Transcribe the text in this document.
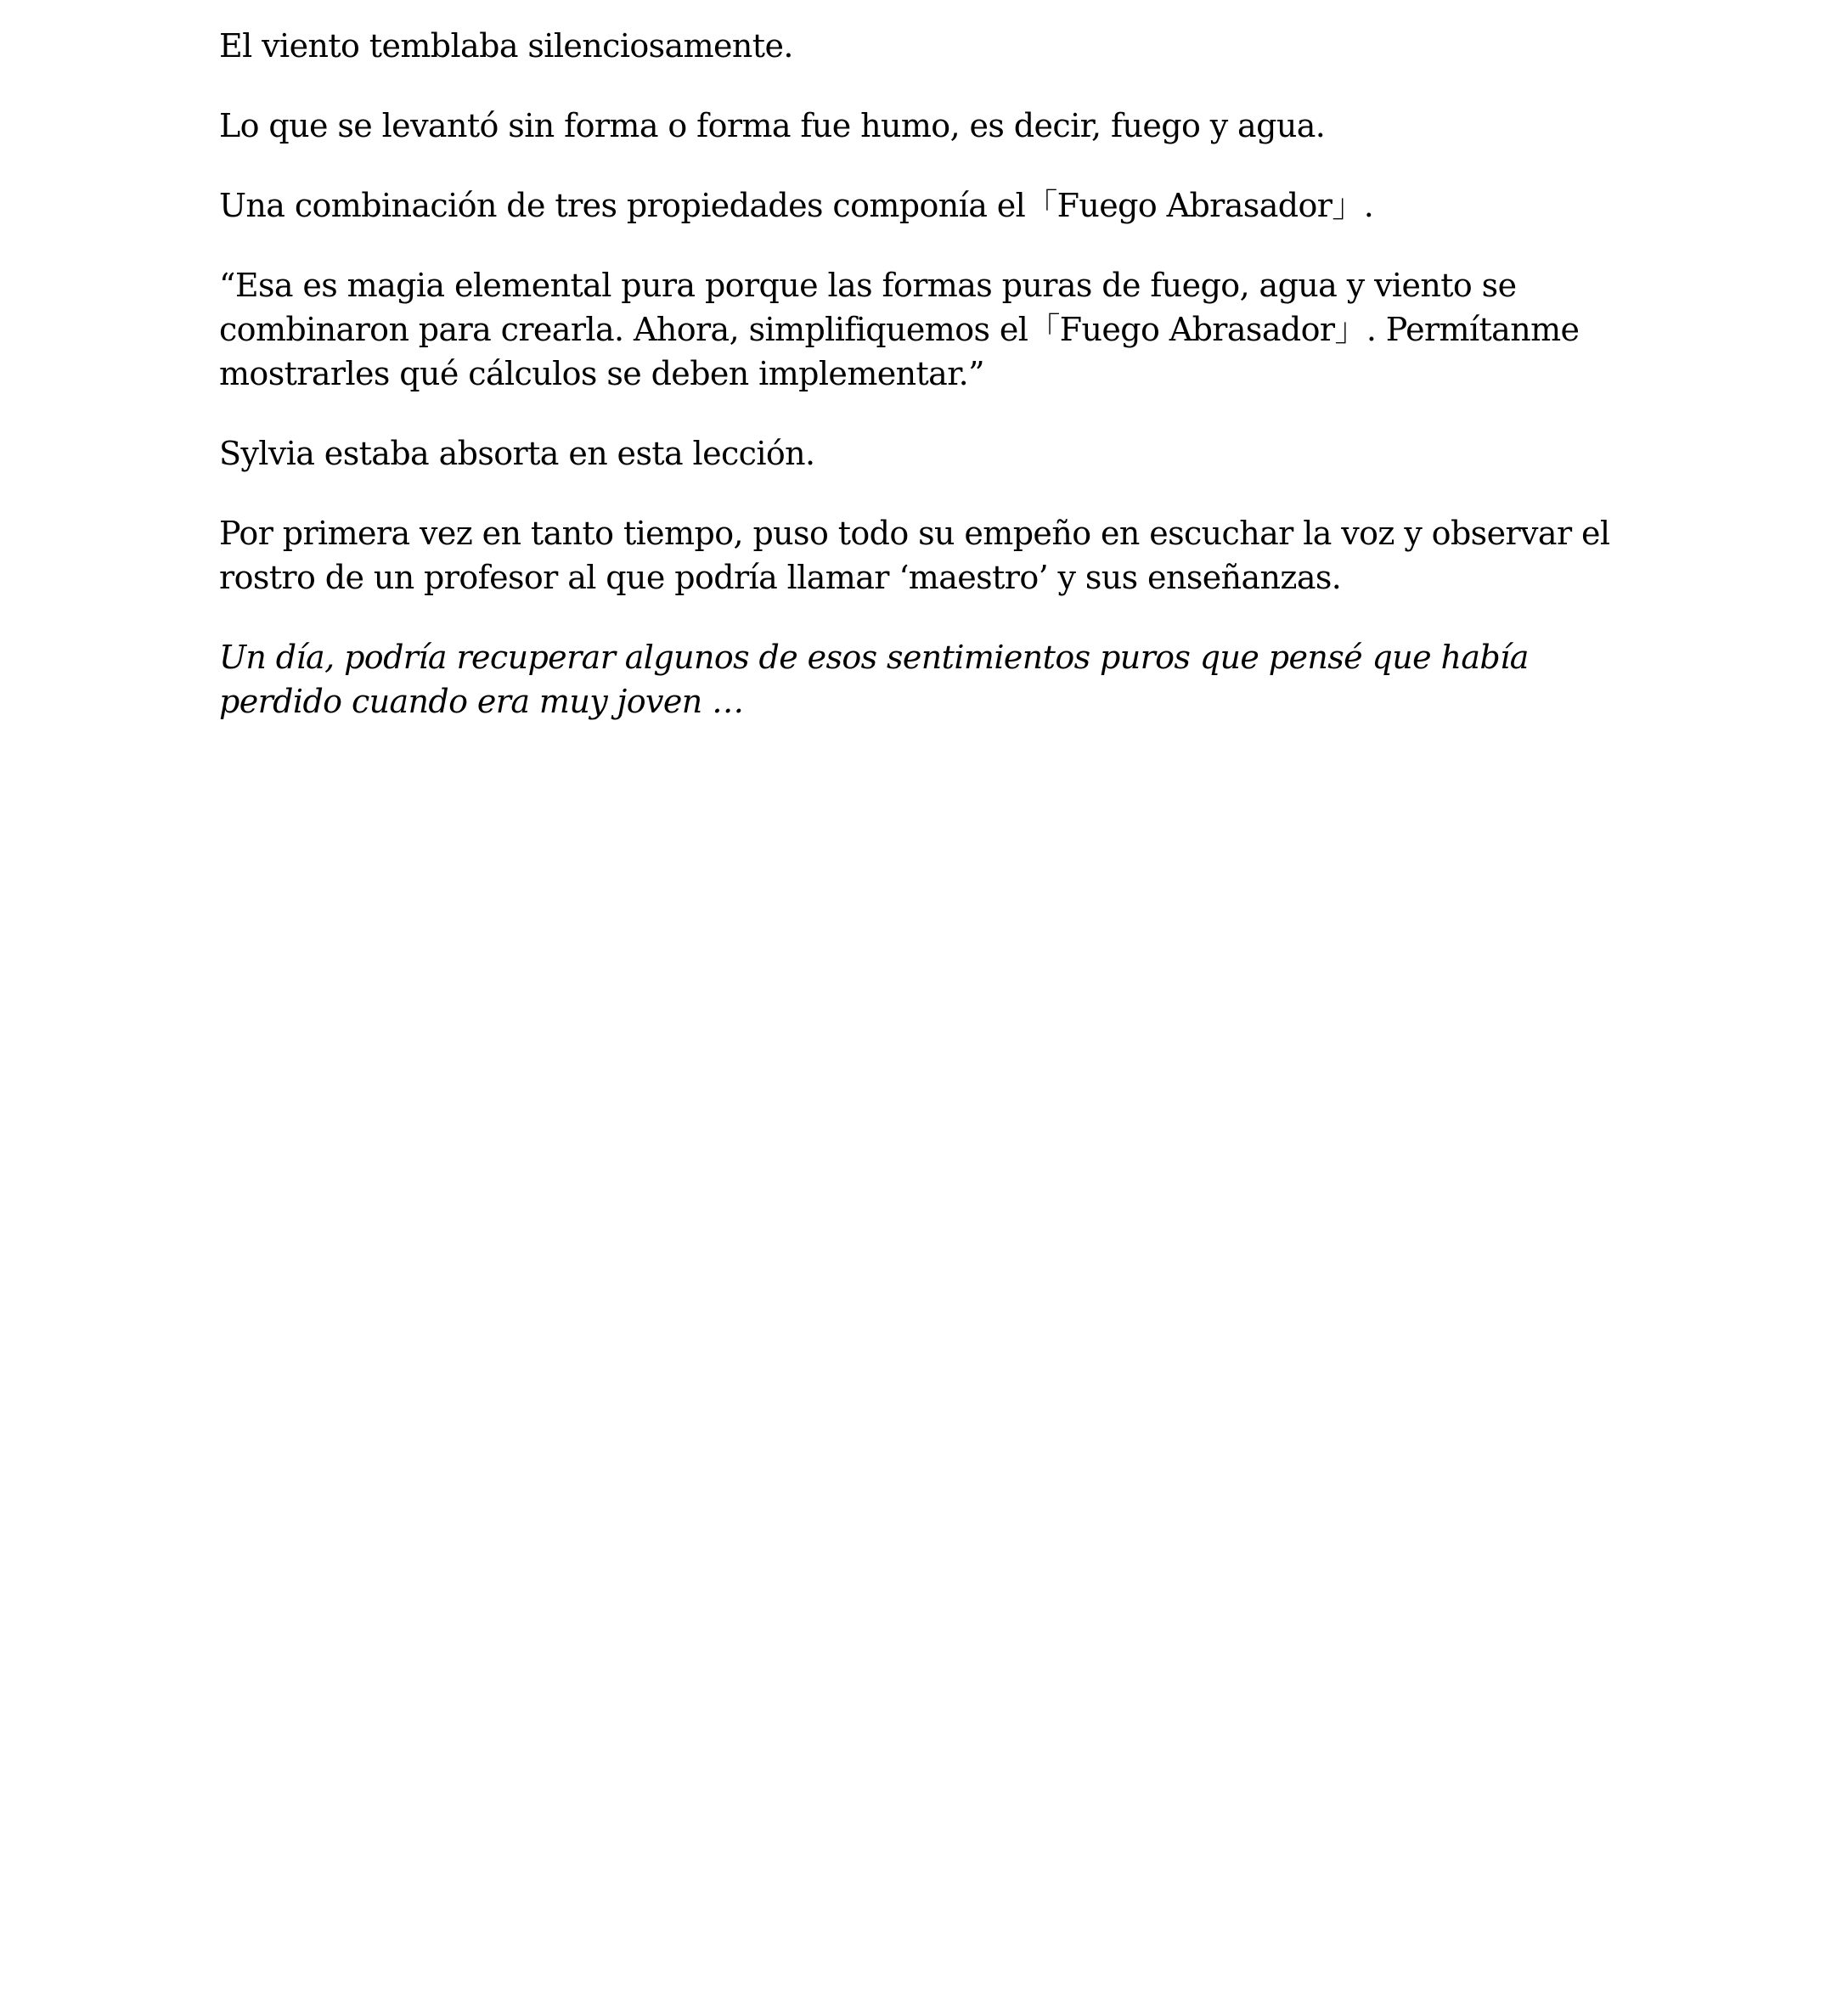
El viento temblaba silenciosamente.

Lo que se levantó sin forma o forma fue humo, es decir, fuego y agua.

Una combinación de tres propiedades componía el「Fuego Abrasador」.

“Esa es magia elemental pura porque las formas puras de fuego, agua y viento se combinaron para crearla. Ahora, simplifiquemos el「Fuego Abrasador」. Permítanme mostrarles qué cálculos se deben implementar.”

Sylvia estaba absorta en esta lección.

Por primera vez en tanto tiempo, puso todo su empeño en escuchar la voz y observar el rostro de un profesor al que podría llamar ‘maestro’ y sus enseñanzas.

Un día, podría recuperar algunos de esos sentimientos puros que pensé que había perdido cuando era muy joven …
